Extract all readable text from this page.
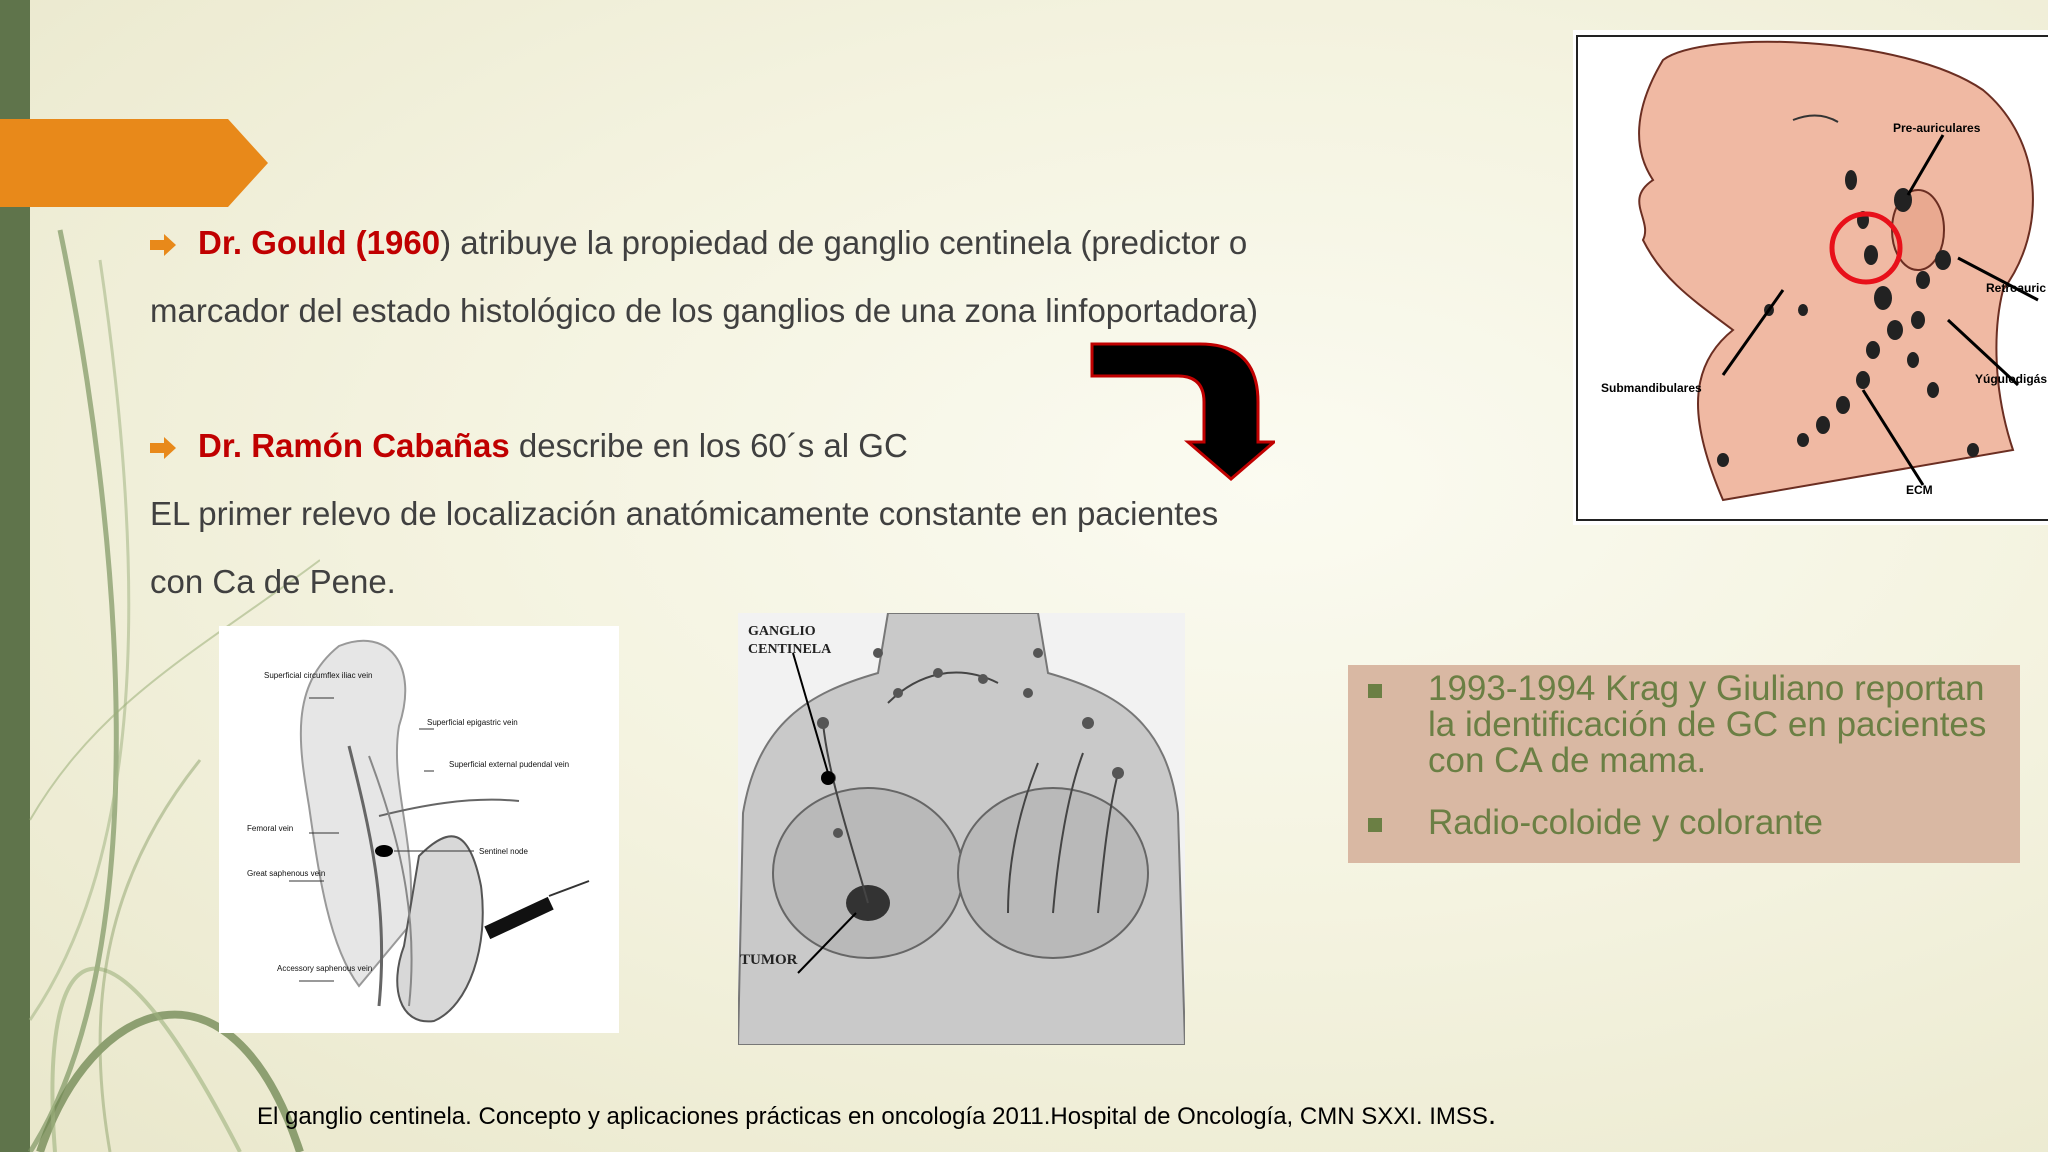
Dr. Gould (1960) atribuye la propiedad de ganglio centinela (predictor o
marcador del estado histológico de los ganglios de una zona linfoportadora)
Dr. Ramón Cabañas describe en los 60´s al GC
EL primer relevo de localización anatómicamente constante en pacientes
con Ca de Pene.
Pre-auriculares
Retroauric
Yúgulodigás
Submandibulares
ECM
Superficial circumflex iliac vein
Superficial epigastric vein
Superficial external pudendal vein
Femoral vein
Sentinel node
Great saphenous vein
Accessory saphenous vein
GANGLIO CENTINELA
TUMOR
1993-1994 Krag y Giuliano reportan la identificación de GC en pacientes con CA de mama.
Radio-coloide y colorante
El ganglio centinela. Concepto y aplicaciones prácticas en oncología 2011.Hospital de Oncología, CMN SXXI. IMSS.
